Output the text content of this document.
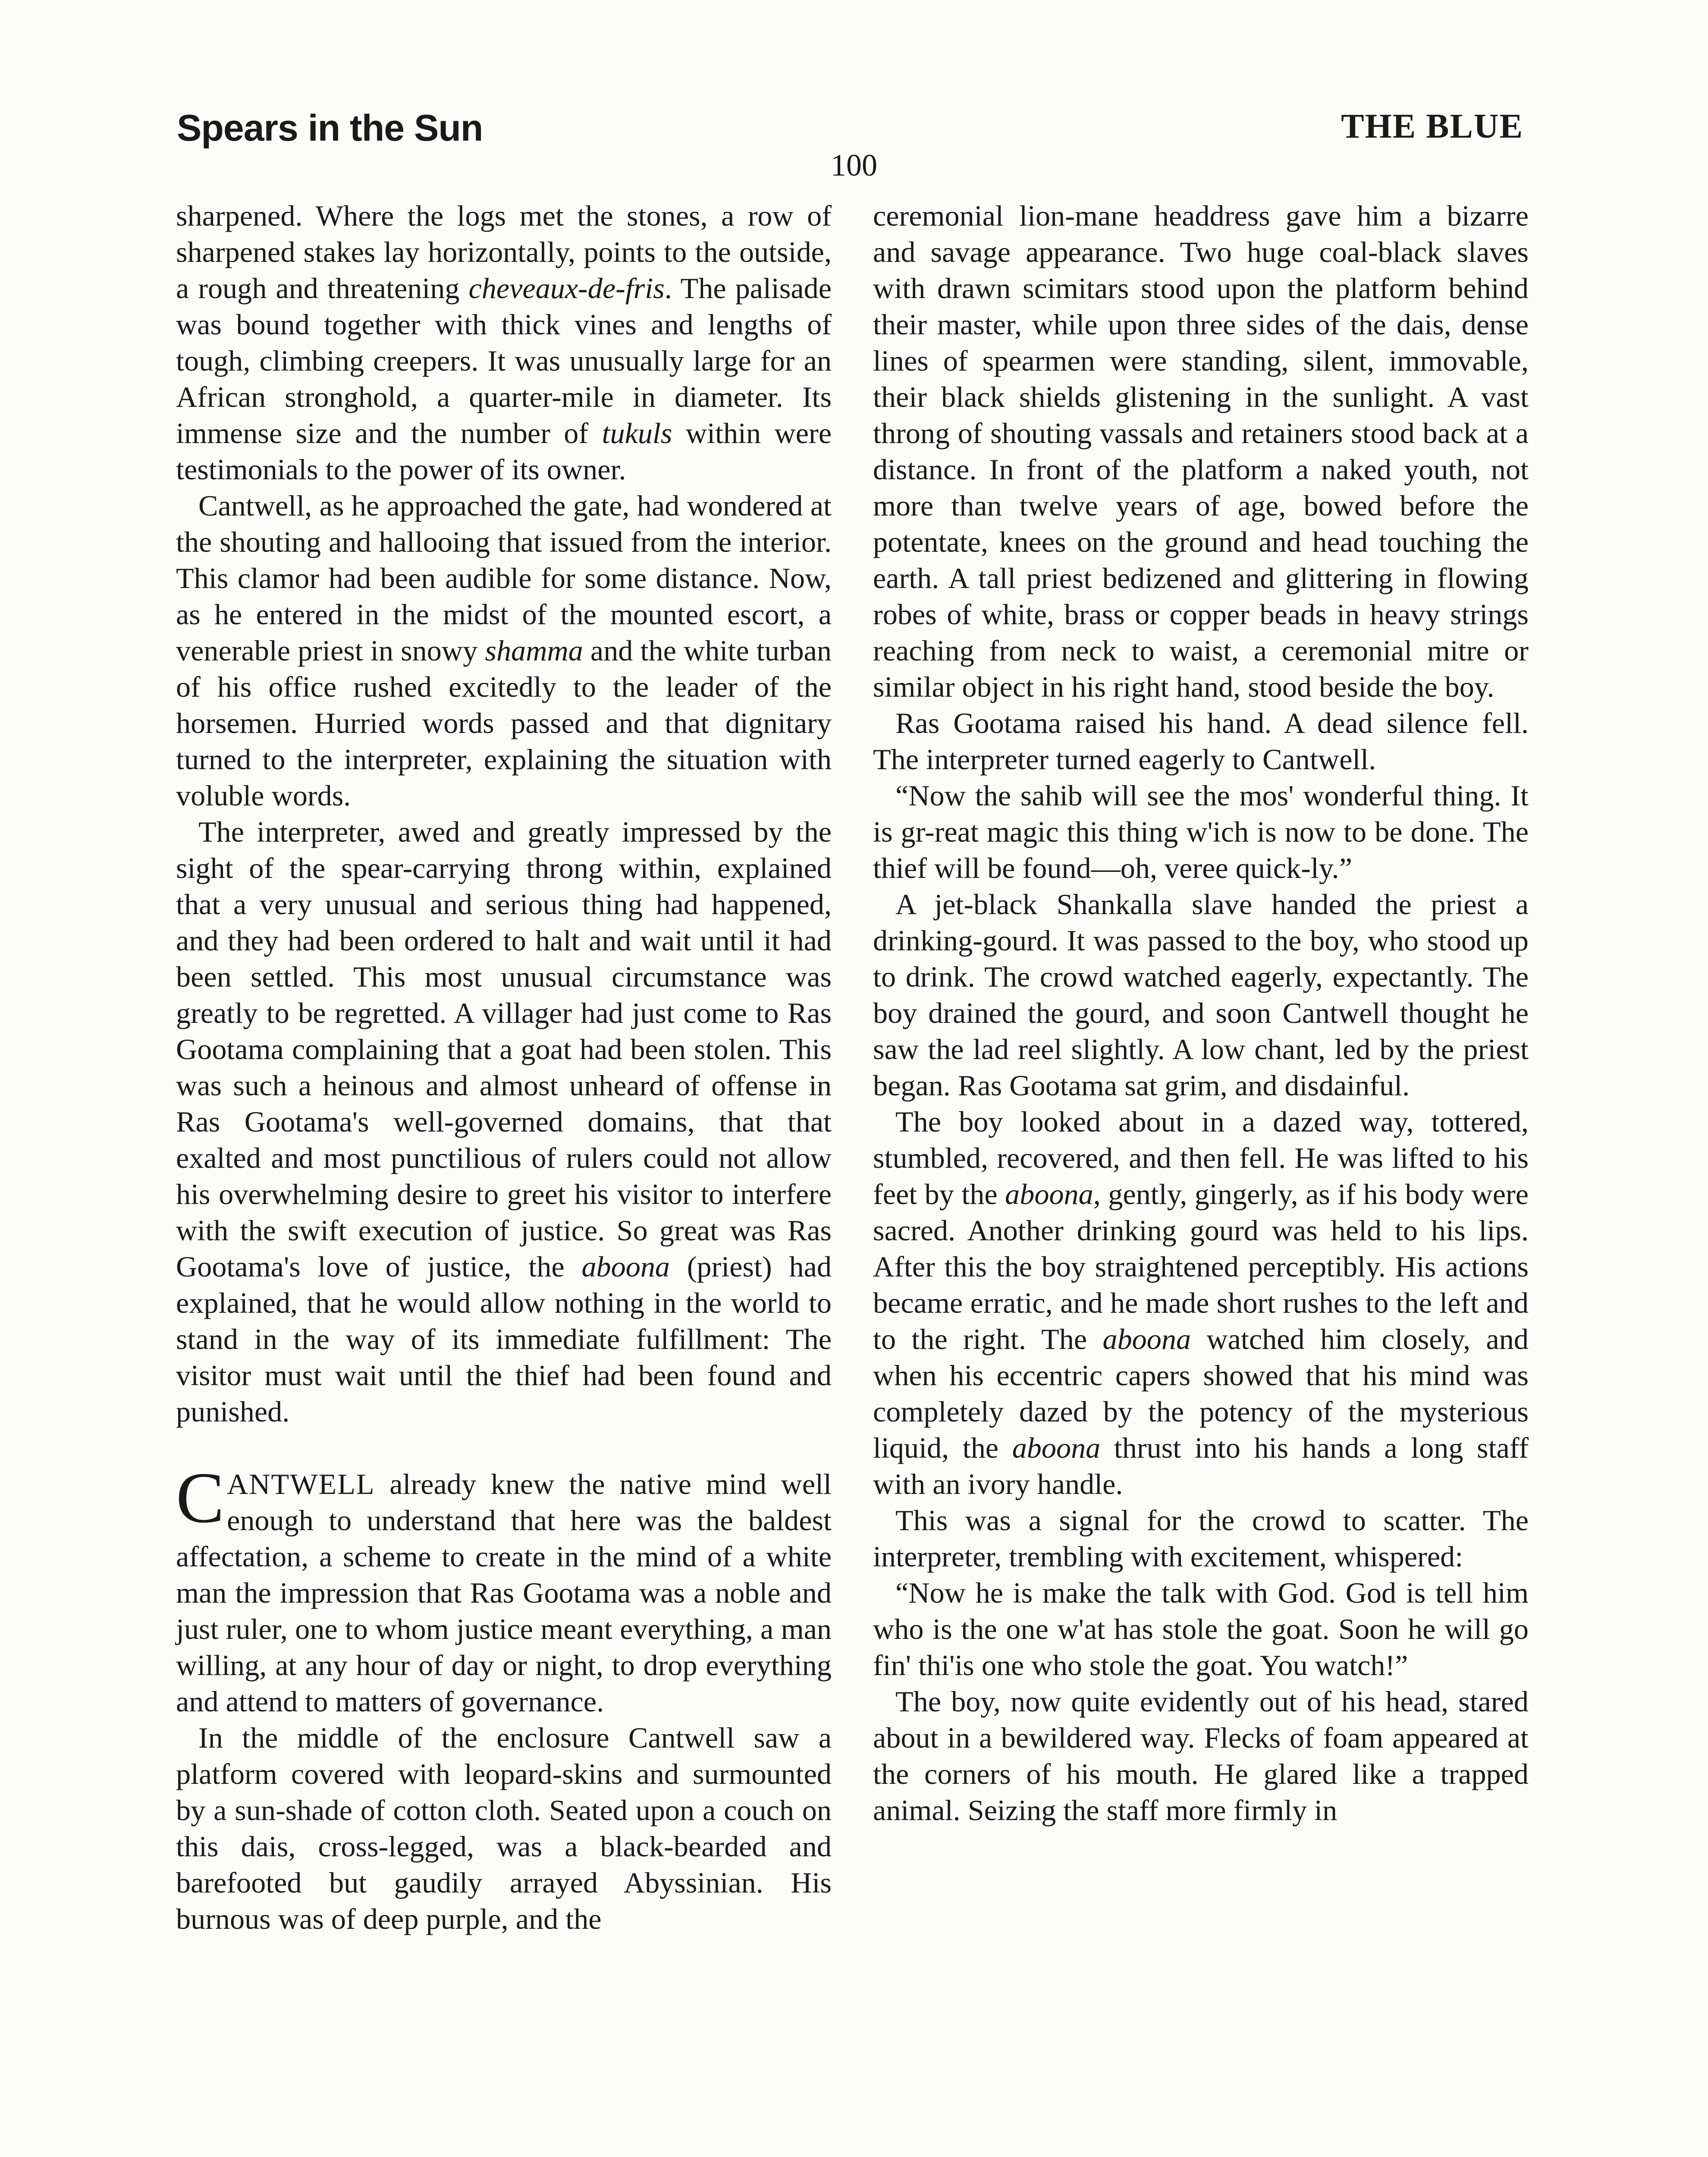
Spears in the Sun	THE BLUE
100

sharpened. Where the logs met the stones, a row of sharpened stakes lay horizontally, points to the outside, a rough and threatening cheveaux-de-fris. The palisade was bound together with thick vines and lengths of tough, climbing creepers. It was unusually large for an African stronghold, a quarter-mile in diameter. Its immense size and the number of tukuls within were testimonials to the power of its owner.

Cantwell, as he approached the gate, had wondered at the shouting and hallooing that issued from the interior. This clamor had been audible for some distance. Now, as he entered in the midst of the mounted escort, a venerable priest in snowy shamma and the white turban of his office rushed excitedly to the leader of the horsemen. Hurried words passed and that dignitary turned to the interpreter, explaining the situation with voluble words.

The interpreter, awed and greatly impressed by the sight of the spear-carrying throng within, explained that a very unusual and serious thing had happened, and they had been ordered to halt and wait until it had been settled. This most unusual circumstance was greatly to be regretted. A villager had just come to Ras Gootama complaining that a goat had been stolen. This was such a heinous and almost unheard of offense in Ras Gootama's well-governed domains, that that exalted and most punctilious of rulers could not allow his overwhelming desire to greet his visitor to interfere with the swift execution of justice. So great was Ras Gootama's love of justice, the aboona (priest) had explained, that he would allow nothing in the world to stand in the way of its immediate fulfillment: The visitor must wait until the thief had been found and punished.

CANTWELL already knew the native mind well enough to understand that here was the baldest affectation, a scheme to create in the mind of a white man the impression that Ras Gootama was a noble and just ruler, one to whom justice meant everything, a man willing, at any hour of day or night, to drop everything and attend to matters of governance.

In the middle of the enclosure Cantwell saw a platform covered with leopard-skins and surmounted by a sun-shade of cotton cloth. Seated upon a couch on this dais, cross-legged, was a black-bearded and barefooted but gaudily arrayed Abyssinian. His burnous was of deep purple, and the

ceremonial lion-mane headdress gave him a bizarre and savage appearance. Two huge coal-black slaves with drawn scimitars stood upon the platform behind their master, while upon three sides of the dais, dense lines of spearmen were standing, silent, immovable, their black shields glistening in the sunlight. A vast throng of shouting vassals and retainers stood back at a distance. In front of the platform a naked youth, not more than twelve years of age, bowed before the potentate, knees on the ground and head touching the earth. A tall priest bedizened and glittering in flowing robes of white, brass or copper beads in heavy strings reaching from neck to waist, a ceremonial mitre or similar object in his right hand, stood beside the boy.

Ras Gootama raised his hand. A dead silence fell. The interpreter turned eagerly to Cantwell.

“Now the sahib will see the mos' wonderful thing. It is gr-reat magic this thing w'ich is now to be done. The thief will be found—oh, veree quick-ly.”

A jet-black Shankalla slave handed the priest a drinking-gourd. It was passed to the boy, who stood up to drink. The crowd watched eagerly, expectantly. The boy drained the gourd, and soon Cantwell thought he saw the lad reel slightly. A low chant, led by the priest began. Ras Gootama sat grim, and disdainful.

The boy looked about in a dazed way, tottered, stumbled, recovered, and then fell. He was lifted to his feet by the aboona, gently, gingerly, as if his body were sacred. Another drinking gourd was held to his lips. After this the boy straightened perceptibly. His actions became erratic, and he made short rushes to the left and to the right. The aboona watched him closely, and when his eccentric capers showed that his mind was completely dazed by the potency of the mysterious liquid, the aboona thrust into his hands a long staff with an ivory handle.

This was a signal for the crowd to scatter. The interpreter, trembling with excitement, whispered:

“Now he is make the talk with God. God is tell him who is the one w'at has stole the goat. Soon he will go fin' thi'is one who stole the goat. You watch!”

The boy, now quite evidently out of his head, stared about in a bewildered way. Flecks of foam appeared at the corners of his mouth. He glared like a trapped animal. Seizing the staff more firmly in
